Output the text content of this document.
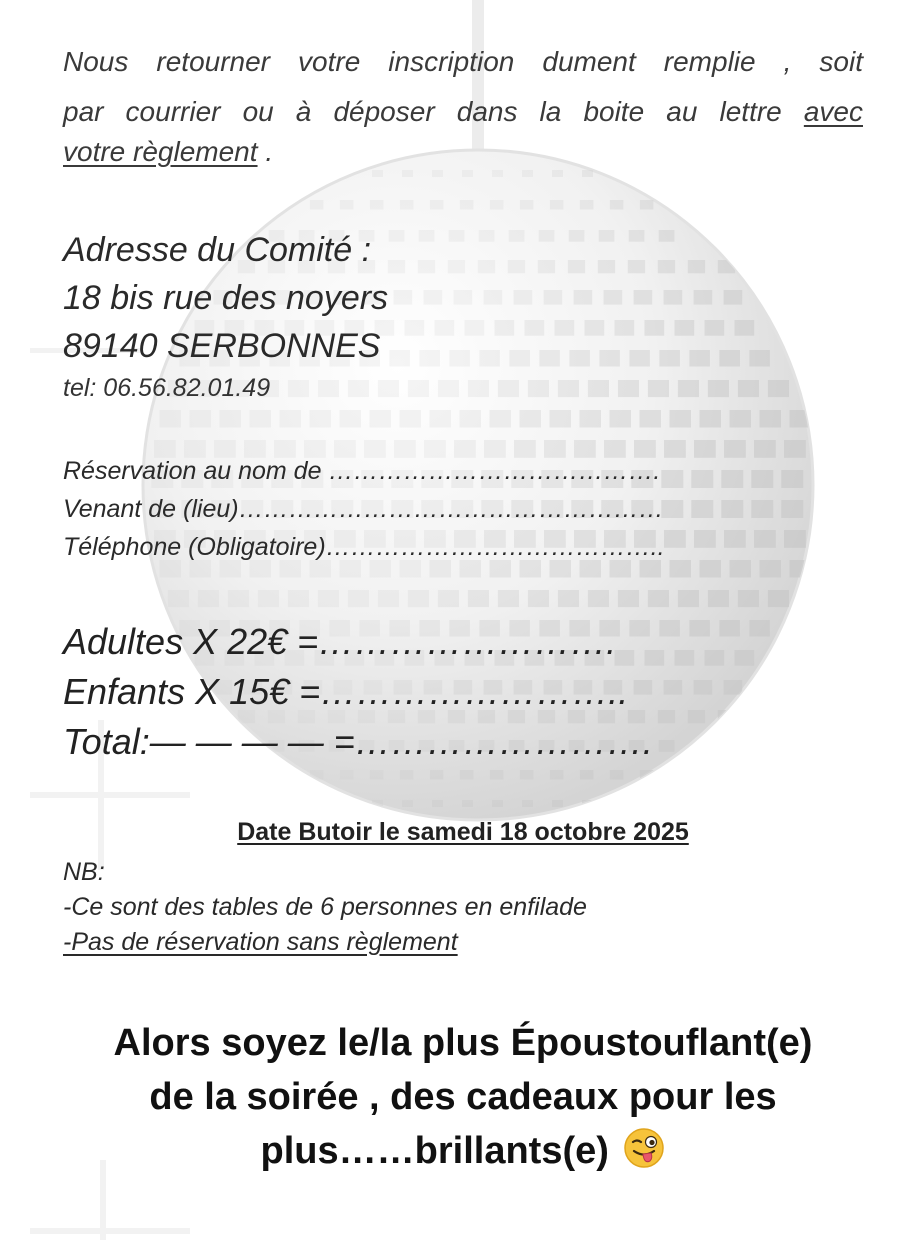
Nous retourner votre inscription dument remplie , soit
par courrier ou à déposer dans la boite au lettre avec
votre règlement .
Adresse du Comité :
18 bis rue des noyers
89140 SERBONNES
tel: 06.56.82.01.49
Réservation au nom de ………………………………….
Venant de (lieu)……………………………………………
Téléphone (Obligatoire)…………………………………..
Adultes X 22€ =…………………….
Enfants X 15€ =……………………..
Total:— — — — =…………………….
Date Butoir le samedi 18 octobre 2025
NB:
-Ce sont des tables de 6 personnes en enfilade
-Pas de réservation sans règlement
Alors soyez le/la plus Époustouflant(e)
de la soirée , des cadeaux pour les
plus……brillants(e)
